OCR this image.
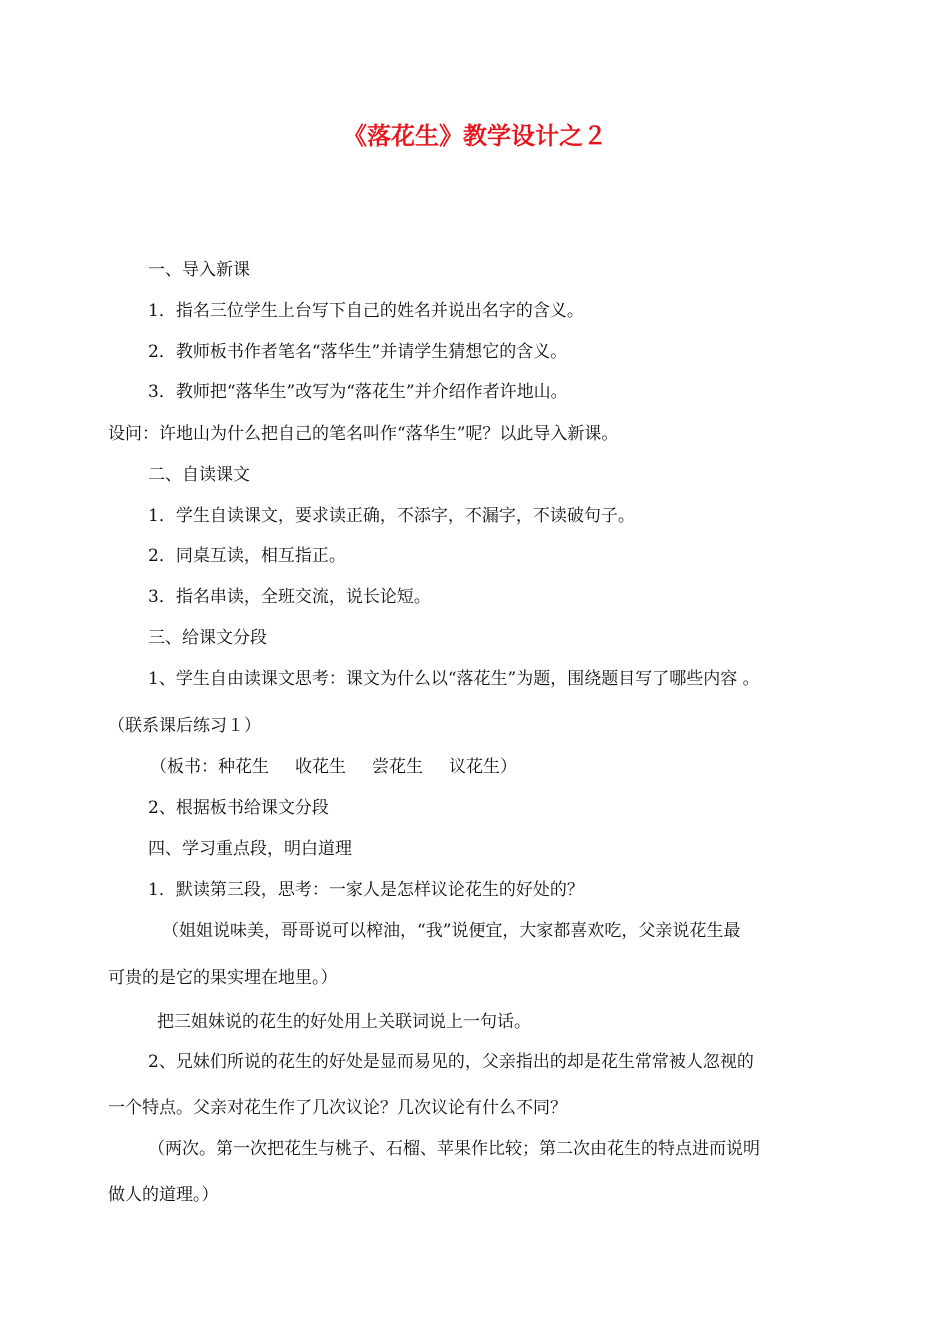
《落花生》教学设计之２
一、导入新课
1．指名三位学生上台写下自己的姓名并说出名字的含义。
2．教师板书作者笔名“落华生”并请学生猜想它的含义。
3．教师把“落华生”改写为“落花生”并介绍作者许地山。
设问：许地山为什么把自己的笔名叫作“落华生”呢？以此导入新课。
二、自读课文
1．学生自读课文，要求读正确，不添字，不漏字，不读破句子。
2．同桌互读，相互指正。
3．指名串读，全班交流，说长论短。
三、给课文分段
1、学生自由读课文思考：课文为什么以“落花生”为题，围绕题目写了哪些内容 。
（联系课后练习１）
（板书：种花生 收花生 尝花生 议花生）
2、根据板书给课文分段
四、学习重点段，明白道理
1．默读第三段，思考：一家人是怎样议论花生的好处的？
（姐姐说味美，哥哥说可以榨油，“我”说便宜，大家都喜欢吃，父亲说花生最
可贵的是它的果实埋在地里。）
把三姐妹说的花生的好处用上关联词说上一句话。
2、兄妹们所说的花生的好处是显而易见的，父亲指出的却是花生常常被人忽视的
一个特点。父亲对花生作了几次议论？几次议论有什么不同？
（两次。第一次把花生与桃子、石榴、苹果作比较；第二次由花生的特点进而说明
做人的道理。）
